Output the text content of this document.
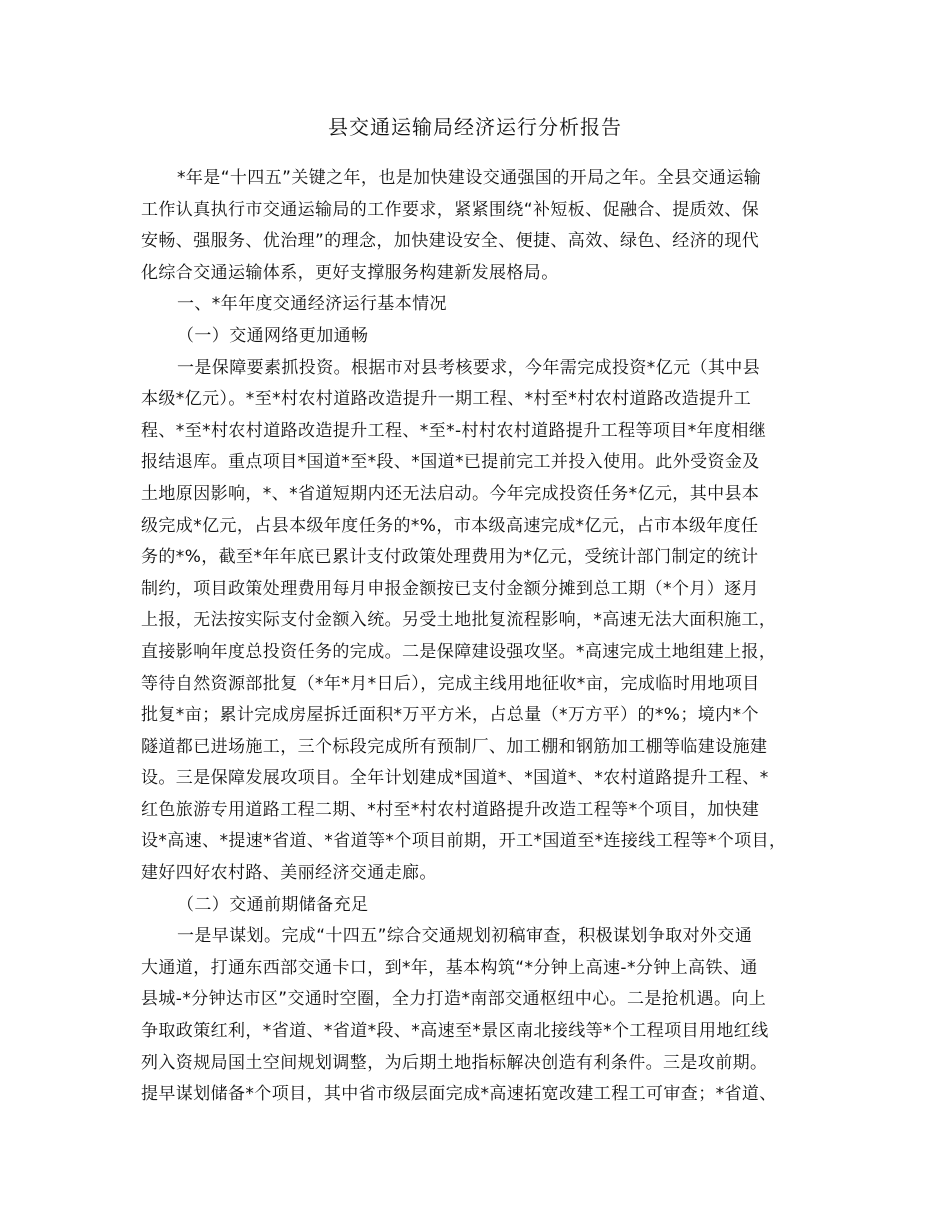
县交通运输局经济运行分析报告
*年是“十四五”关键之年，也是加快建设交通强国的开局之年。全县交通运输
工作认真执行市交通运输局的工作要求，紧紧围绕“补短板、促融合、提质效、保
安畅、强服务、优治理”的理念，加快建设安全、便捷、高效、绿色、经济的现代
化综合交通运输体系，更好支撑服务构建新发展格局。
一、*年年度交通经济运行基本情况
（一）交通网络更加通畅
一是保障要素抓投资。根据市对县考核要求，今年需完成投资*亿元（其中县
本级*亿元）。*至*村农村道路改造提升一期工程、*村至*村农村道路改造提升工
程、*至*村农村道路改造提升工程、*至*-村村农村道路提升工程等项目*年度相继
报结退库。重点项目*国道*至*段、*国道*已提前完工并投入使用。此外受资金及
土地原因影响，*、*省道短期内还无法启动。今年完成投资任务*亿元，其中县本
级完成*亿元，占县本级年度任务的*%，市本级高速完成*亿元，占市本级年度任
务的*%，截至*年年底已累计支付政策处理费用为*亿元，受统计部门制定的统计
制约，项目政策处理费用每月申报金额按已支付金额分摊到总工期（*个月）逐月
上报，无法按实际支付金额入统。另受土地批复流程影响，*高速无法大面积施工，
直接影响年度总投资任务的完成。二是保障建设强攻坚。*高速完成土地组建上报，
等待自然资源部批复（*年*月*日后），完成主线用地征收*亩，完成临时用地项目
批复*亩；累计完成房屋拆迁面积*万平方米，占总量（*万方平）的*%；境内*个
隧道都已进场施工，三个标段完成所有预制厂、加工棚和钢筋加工棚等临建设施建
设。三是保障发展攻项目。全年计划建成*国道*、*国道*、*农村道路提升工程、*
红色旅游专用道路工程二期、*村至*村农村道路提升改造工程等*个项目，加快建
设*高速、*提速*省道、*省道等*个项目前期，开工*国道至*连接线工程等*个项目，
建好四好农村路、美丽经济交通走廊。
（二）交通前期储备充足
一是早谋划。完成“十四五”综合交通规划初稿审查，积极谋划争取对外交通
大通道，打通东西部交通卡口，到*年，基本构筑“*分钟上高速-*分钟上高铁、通
县城-*分钟达市区”交通时空圈，全力打造*南部交通枢纽中心。二是抢机遇。向上
争取政策红利，*省道、*省道*段、*高速至*景区南北接线等*个工程项目用地红线
列入资规局国土空间规划调整，为后期土地指标解决创造有利条件。三是攻前期。
提早谋划储备*个项目，其中省市级层面完成*高速拓宽改建工程工可审查；*省道、
